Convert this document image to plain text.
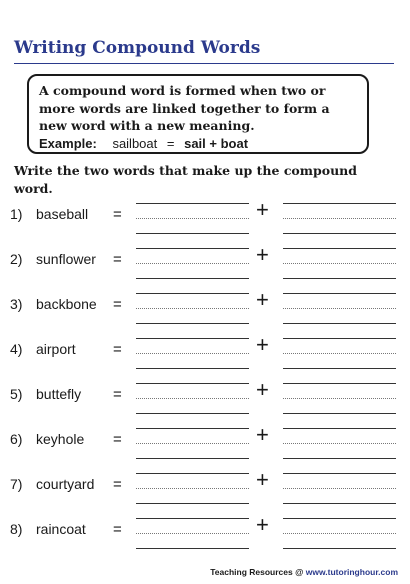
Writing Compound Words

A compound word is formed when two or more words are linked together to form a new word with a new meaning.

Example: sailboat = sail + boat
Write the two words that make up the compound word.
1) baseball =	+
2) sunflower =	+
3) backbone =	+
4) airport =	+
5) buttefly =	+
6) keyhole =	+
7) courtyard =	+
8) raincoat =	+
Teaching Resources @ www.tutoringhour.com
